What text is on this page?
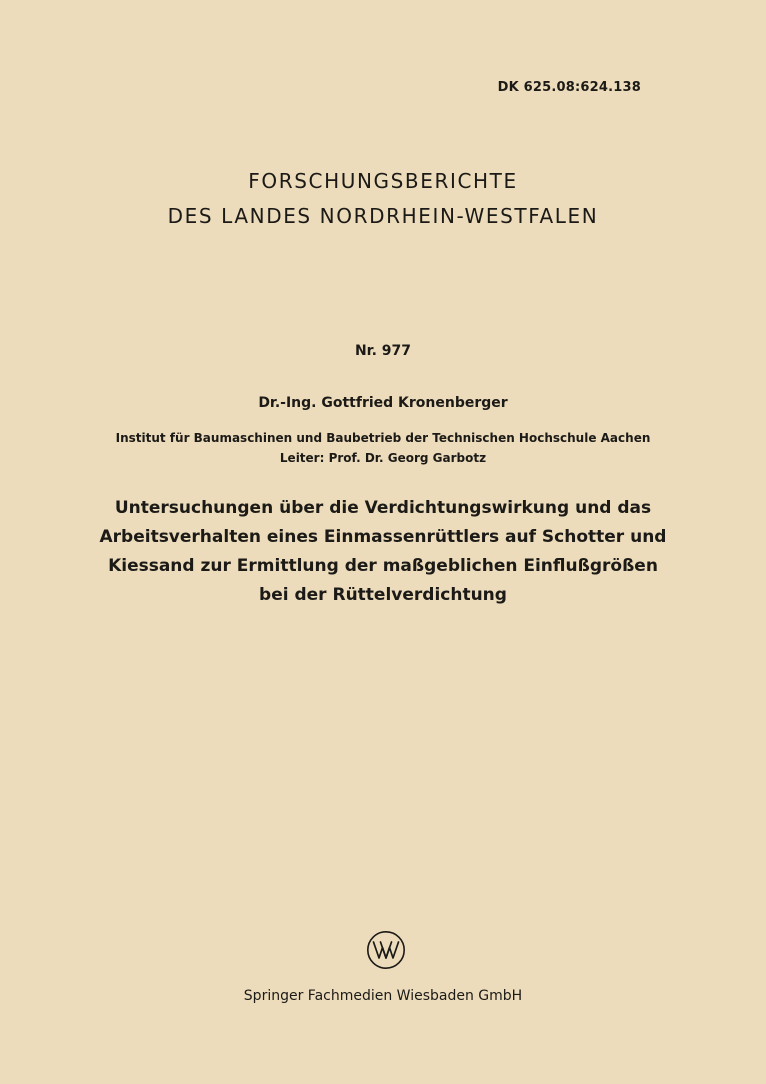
DK 625.08:624.138
FORSCHUNGSBERICHTE
DES LANDES NORDRHEIN-WESTFALEN
Nr. 977
Dr.-Ing. Gottfried Kronenberger
Institut für Baumaschinen und Baubetrieb der Technischen Hochschule Aachen
Leiter: Prof. Dr. Georg Garbotz
Untersuchungen über die Verdichtungswirkung und das
Arbeitsverhalten eines Einmassenrüttlers auf Schotter und
Kiessand zur Ermittlung der maßgeblichen Einflußgrößen
bei der Rüttelverdichtung
Springer Fachmedien Wiesbaden GmbH
